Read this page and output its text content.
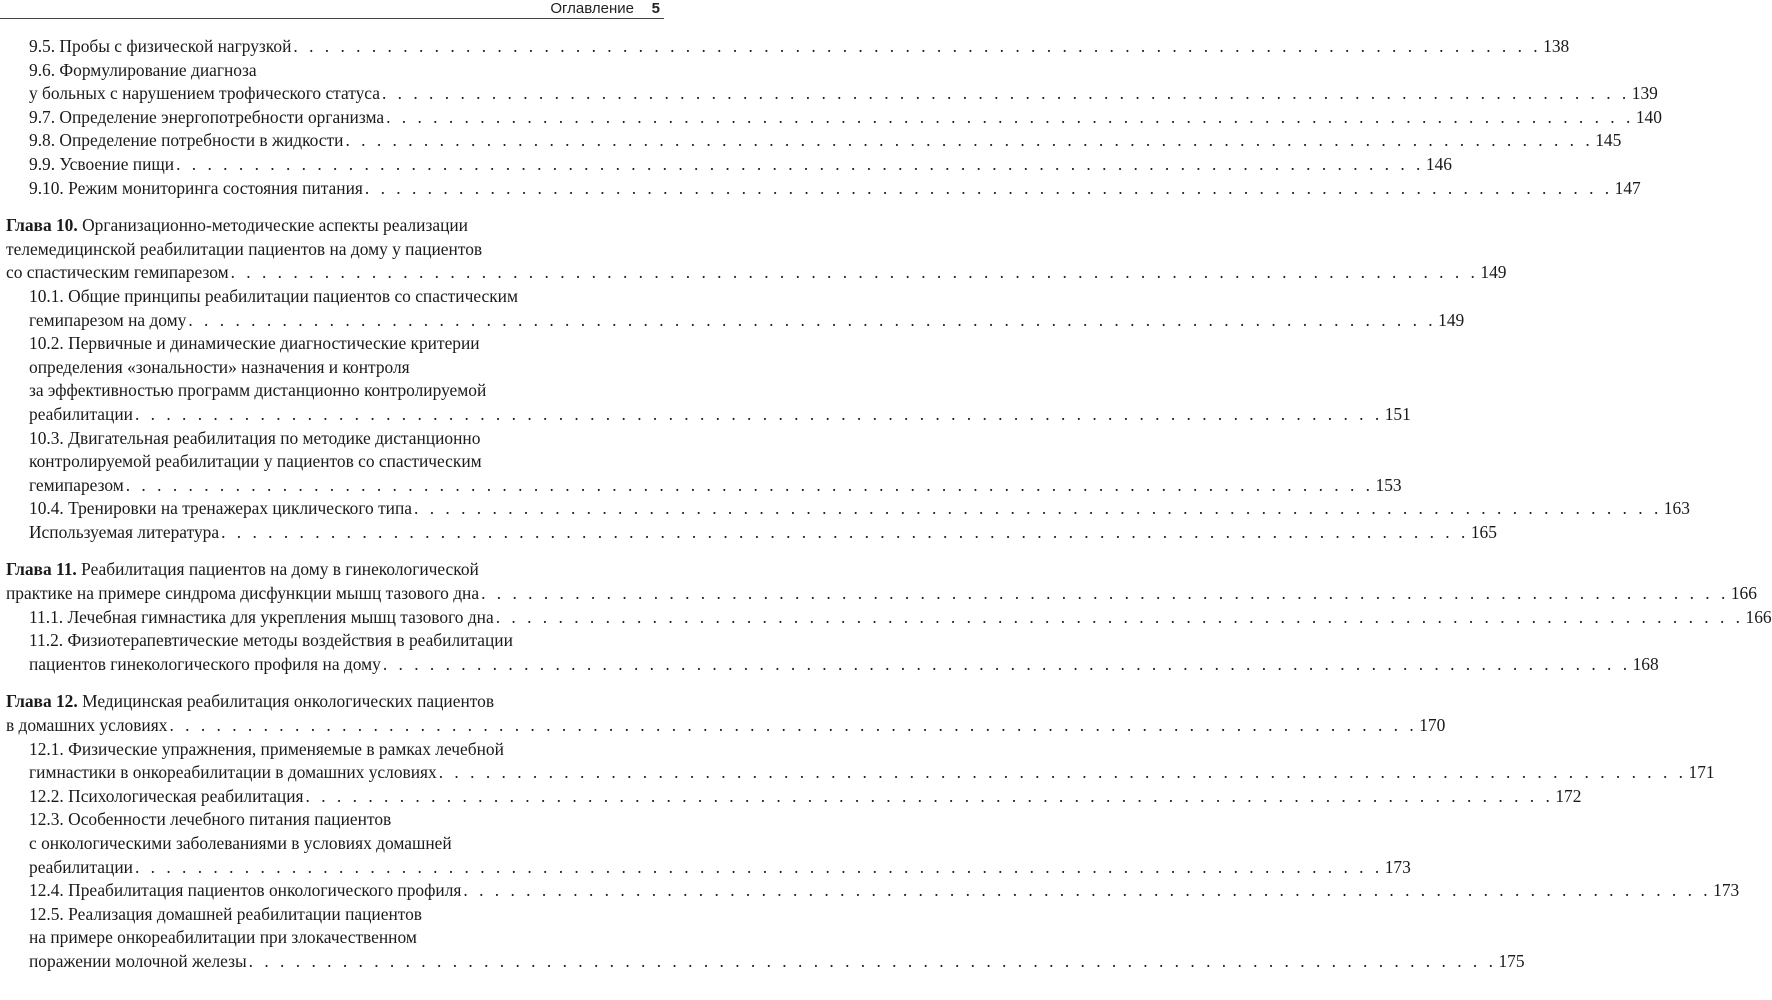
Оглавление 5
9.5. Пробы с физической нагрузкой . . . . . . . . . . . . . . . . . . . . . . . . . . . . . . . . . . . . . . . . . . . . . . . . . . . . . . . . . . . . . . . . . . . . . . . . . . . . . . . . 138
9.6. Формулирование диагноза
у больных с нарушением трофического статуса . . . . . . . . . . . . . . . . . . . . . . . . . . . . . . . . . . . . . . . . . . . . . . . . . . . . . . . . . . . . . . . . . . . . . . . . . . . . . . . . 139
9.7. Определение энергопотребности организма . . . . . . . . . . . . . . . . . . . . . . . . . . . . . . . . . . . . . . . . . . . . . . . . . . . . . . . . . . . . . . . . . . . . . . . . . . . . . . . . 140
9.8. Определение потребности в жидкости . . . . . . . . . . . . . . . . . . . . . . . . . . . . . . . . . . . . . . . . . . . . . . . . . . . . . . . . . . . . . . . . . . . . . . . . . . . . . . . . 145
9.9. Усвоение пищи . . . . . . . . . . . . . . . . . . . . . . . . . . . . . . . . . . . . . . . . . . . . . . . . . . . . . . . . . . . . . . . . . . . . . . . . . . . . . . . . 146
9.10. Режим мониторинга состояния питания . . . . . . . . . . . . . . . . . . . . . . . . . . . . . . . . . . . . . . . . . . . . . . . . . . . . . . . . . . . . . . . . . . . . . . . . . . . . . . . . 147
Глава 10. Организационно-методические аспекты реализации
телемедицинской реабилитации пациентов на дому у пациентов
со спастическим гемипарезом . . . . . . . . . . . . . . . . . . . . . . . . . . . . . . . . . . . . . . . . . . . . . . . . . . . . . . . . . . . . . . . . . . . . . . . . . . . . . . . . 149
10.1. Общие принципы реабилитации пациентов со спастическим
гемипарезом на дому . . . . . . . . . . . . . . . . . . . . . . . . . . . . . . . . . . . . . . . . . . . . . . . . . . . . . . . . . . . . . . . . . . . . . . . . . . . . . . . . 149
10.2. Первичные и динамические диагностические критерии
определения «зональности» назначения и контроля
за эффективностью программ дистанционно контролируемой
реабилитации . . . . . . . . . . . . . . . . . . . . . . . . . . . . . . . . . . . . . . . . . . . . . . . . . . . . . . . . . . . . . . . . . . . . . . . . . . . . . . . . 151
10.3. Двигательная реабилитация по методике дистанционно
контролируемой реабилитации у пациентов со спастическим
гемипарезом . . . . . . . . . . . . . . . . . . . . . . . . . . . . . . . . . . . . . . . . . . . . . . . . . . . . . . . . . . . . . . . . . . . . . . . . . . . . . . . . 153
10.4. Тренировки на тренажерах циклического типа . . . . . . . . . . . . . . . . . . . . . . . . . . . . . . . . . . . . . . . . . . . . . . . . . . . . . . . . . . . . . . . . . . . . . . . . . . . . . . . . 163
Используемая литература . . . . . . . . . . . . . . . . . . . . . . . . . . . . . . . . . . . . . . . . . . . . . . . . . . . . . . . . . . . . . . . . . . . . . . . . . . . . . . . . 165
Глава 11. Реабилитация пациентов на дому в гинекологической
практике на примере синдрома дисфункции мышц тазового дна . . . . . . . . . . . . . . . . . . . . . . . . . . . . . . . . . . . . . . . . . . . . . . . . . . . . . . . . . . . . . . . . . . . . . . . . . . . . . . . . 166
11.1. Лечебная гимнастика для укрепления мышц тазового дна . . . . . . . . . . . . . . . . . . . . . . . . . . . . . . . . . . . . . . . . . . . . . . . . . . . . . . . . . . . . . . . . . . . . . . . . . . . . . . . . 166
11.2. Физиотерапевтические методы воздействия в реабилитации
пациентов гинекологического профиля на дому . . . . . . . . . . . . . . . . . . . . . . . . . . . . . . . . . . . . . . . . . . . . . . . . . . . . . . . . . . . . . . . . . . . . . . . . . . . . . . . . 168
Глава 12. Медицинская реабилитация онкологических пациентов
в домашних условиях . . . . . . . . . . . . . . . . . . . . . . . . . . . . . . . . . . . . . . . . . . . . . . . . . . . . . . . . . . . . . . . . . . . . . . . . . . . . . . . . 170
12.1. Физические упражнения, применяемые в рамках лечебной
гимнастики в онкореабилитации в домашних условиях . . . . . . . . . . . . . . . . . . . . . . . . . . . . . . . . . . . . . . . . . . . . . . . . . . . . . . . . . . . . . . . . . . . . . . . . . . . . . . . . 171
12.2. Психологическая реабилитация . . . . . . . . . . . . . . . . . . . . . . . . . . . . . . . . . . . . . . . . . . . . . . . . . . . . . . . . . . . . . . . . . . . . . . . . . . . . . . . . 172
12.3. Особенности лечебного питания пациентов
с онкологическими заболеваниями в условиях домашней
реабилитации . . . . . . . . . . . . . . . . . . . . . . . . . . . . . . . . . . . . . . . . . . . . . . . . . . . . . . . . . . . . . . . . . . . . . . . . . . . . . . . . 173
12.4. Преабилитация пациентов онкологического профиля . . . . . . . . . . . . . . . . . . . . . . . . . . . . . . . . . . . . . . . . . . . . . . . . . . . . . . . . . . . . . . . . . . . . . . . . . . . . . . . . 173
12.5. Реализация домашней реабилитации пациентов
на примере онкореабилитации при злокачественном
поражении молочной железы . . . . . . . . . . . . . . . . . . . . . . . . . . . . . . . . . . . . . . . . . . . . . . . . . . . . . . . . . . . . . . . . . . . . . . . . . . . . . . . . 175
